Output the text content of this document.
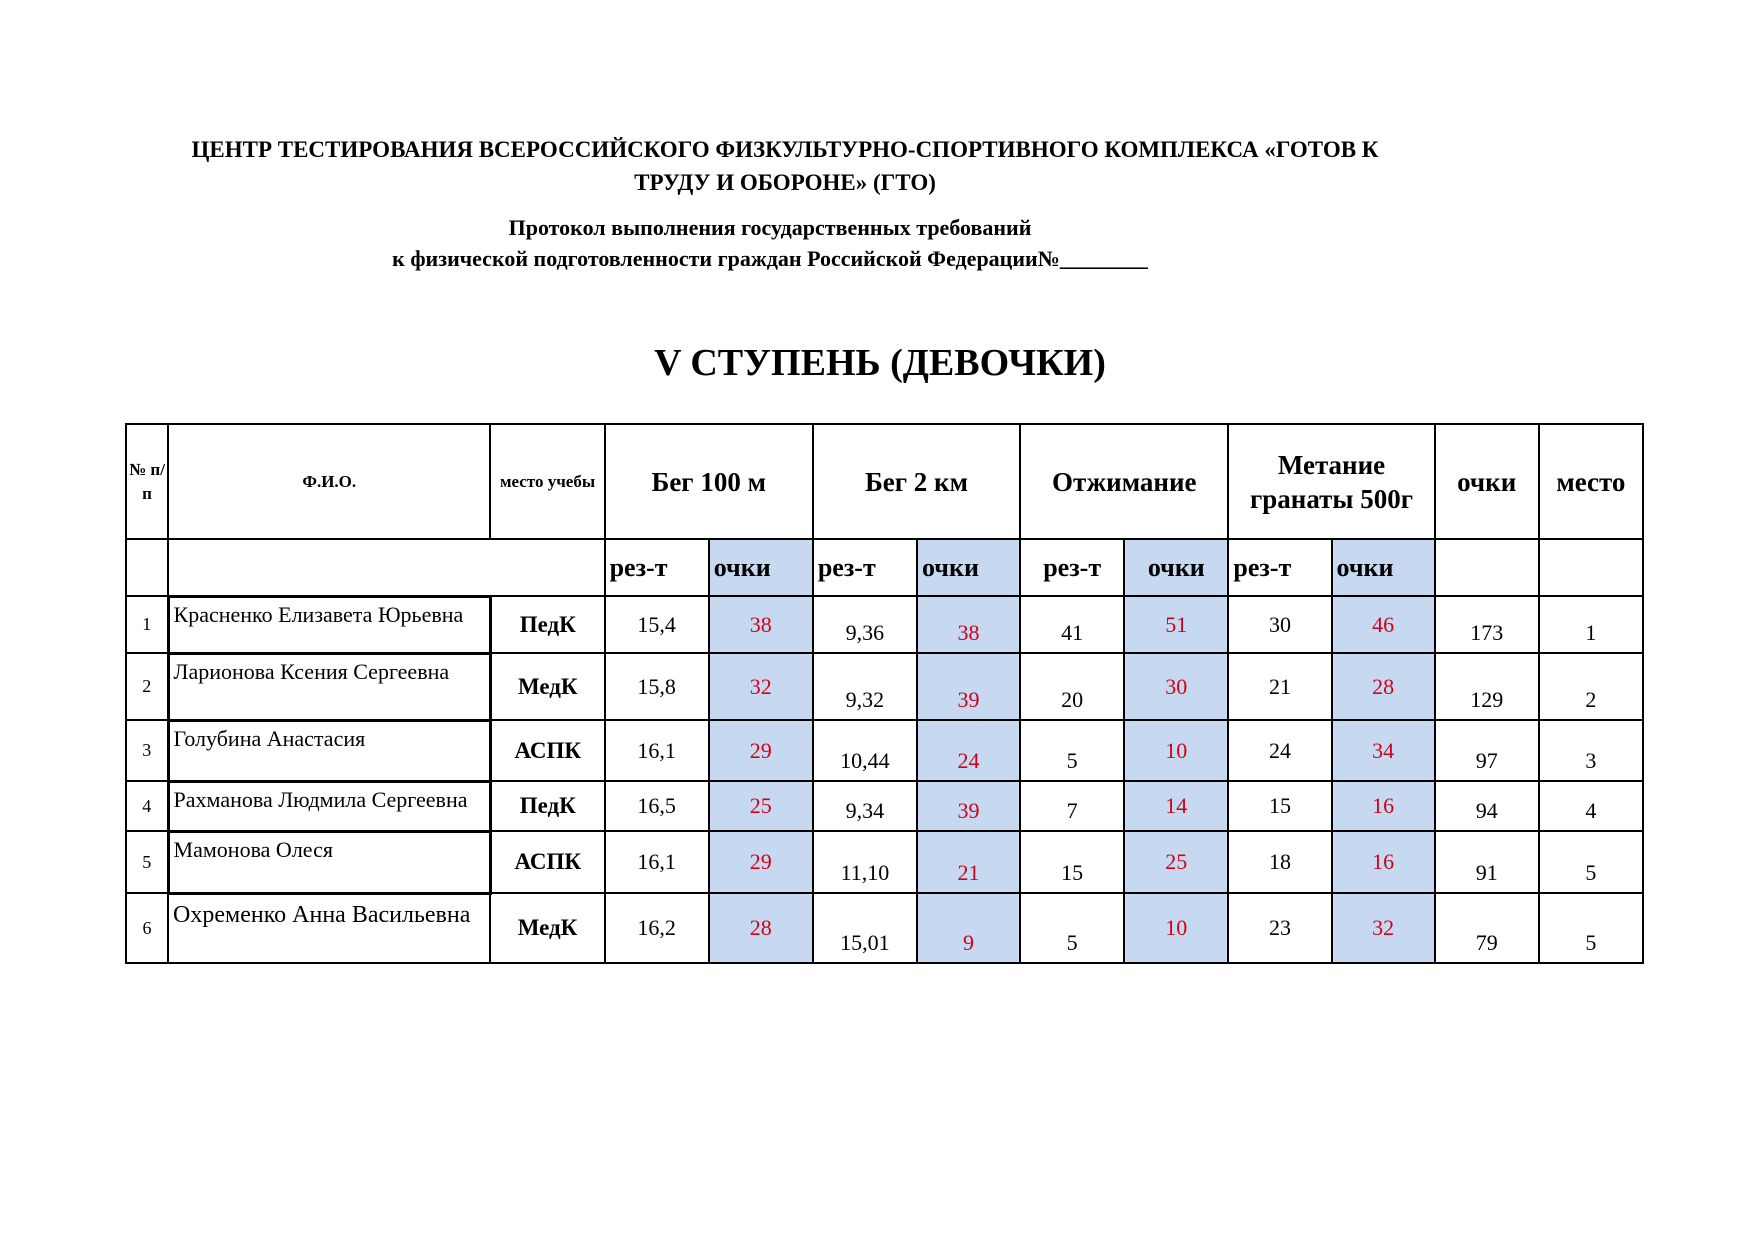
ЦЕНТР ТЕСТИРОВАНИЯ ВСЕРОССИЙСКОГО ФИЗКУЛЬТУРНО-СПОРТИВНОГО КОМПЛЕКСА «ГОТОВ К
ТРУДУ И ОБОРОНЕ» (ГТО)
Протокол выполнения государственных требований
к физической подготовленности граждан Российской Федерации№________
V СТУПЕНЬ (ДЕВОЧКИ)
№ п/п	Ф.И.О.	место учебы	Бег 100 м		Бег 2 км		Отжимание		Метание
гранаты 500г		очки	место
			рез-т	очки	рез-т	очки	рез-т	очки	рез-т	очки		
1	Красненко Елизавета Юрьевна	ПедК	15,4	38	9,36	38	41	51	30	46	173	1
2	Ларионова Ксения Сергеевна	МедК	15,8	32	9,32	39	20	30	21	28	129	2
3	Голубина Анастасия	АСПК	16,1	29	10,44	24	5	10	24	34	97	3
4	Рахманова Людмила Сергеевна	ПедК	16,5	25	9,34	39	7	14	15	16	94	4
5	Мамонова Олеся	АСПК	16,1	29	11,10	21	15	25	18	16	91	5
6	Охременко Анна Васильевна	МедК	16,2	28	15,01	9	5	10	23	32	79	5
